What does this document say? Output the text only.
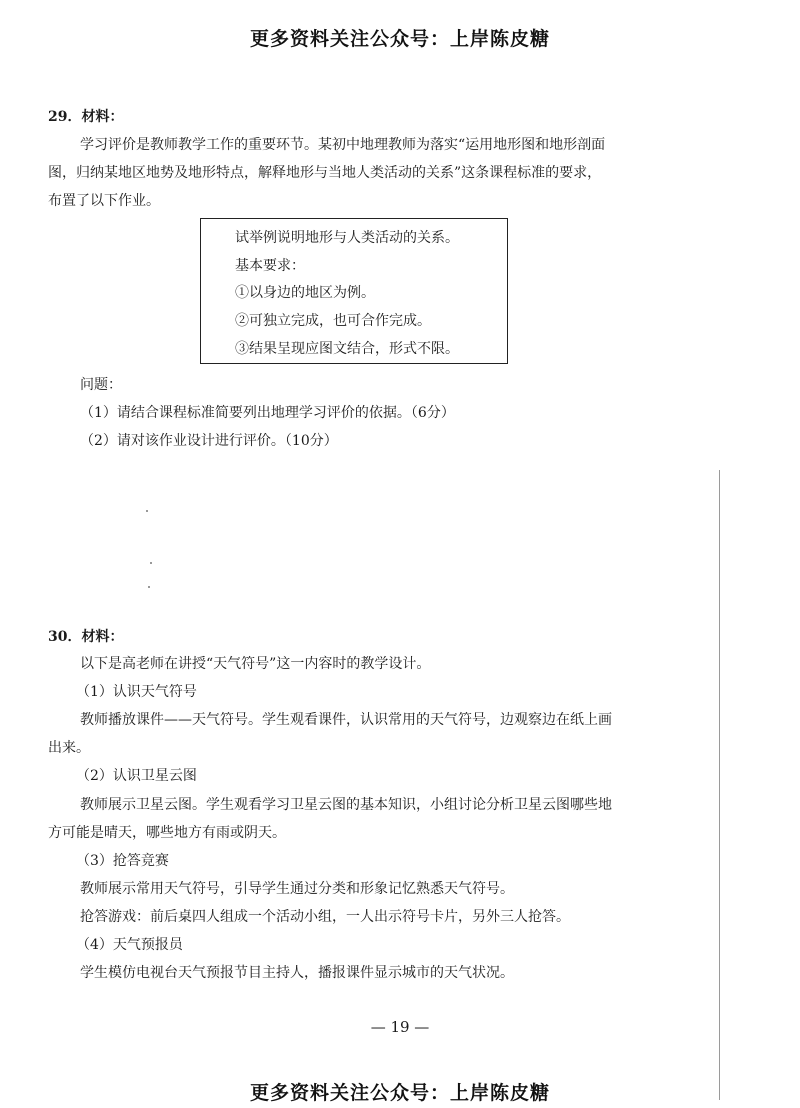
更多资料关注公众号：上岸陈皮糖
29．材料：
学习评价是教师教学工作的重要环节。某初中地理教师为落实“运用地形图和地形剖面
图，归纳某地区地势及地形特点，解释地形与当地人类活动的关系”这条课程标准的要求，
布置了以下作业。
试举例说明地形与人类活动的关系。
基本要求：
①以身边的地区为例。
②可独立完成，也可合作完成。
③结果呈现应图文结合，形式不限。
问题：
（1）请结合课程标准简要列出地理学习评价的依据。（6分）
（2）请对该作业设计进行评价。（10分）
30．材料：
以下是高老师在讲授“天气符号”这一内容时的教学设计。
（1）认识天气符号
教师播放课件——天气符号。学生观看课件，认识常用的天气符号，边观察边在纸上画
出来。
（2）认识卫星云图
教师展示卫星云图。学生观看学习卫星云图的基本知识，小组讨论分析卫星云图哪些地
方可能是晴天，哪些地方有雨或阴天。
（3）抢答竞赛
教师展示常用天气符号，引导学生通过分类和形象记忆熟悉天气符号。
抢答游戏：前后桌四人组成一个活动小组，一人出示符号卡片，另外三人抢答。
（4）天气预报员
学生模仿电视台天气预报节目主持人，播报课件显示城市的天气状况。
— 19 —
更多资料关注公众号：上岸陈皮糖
